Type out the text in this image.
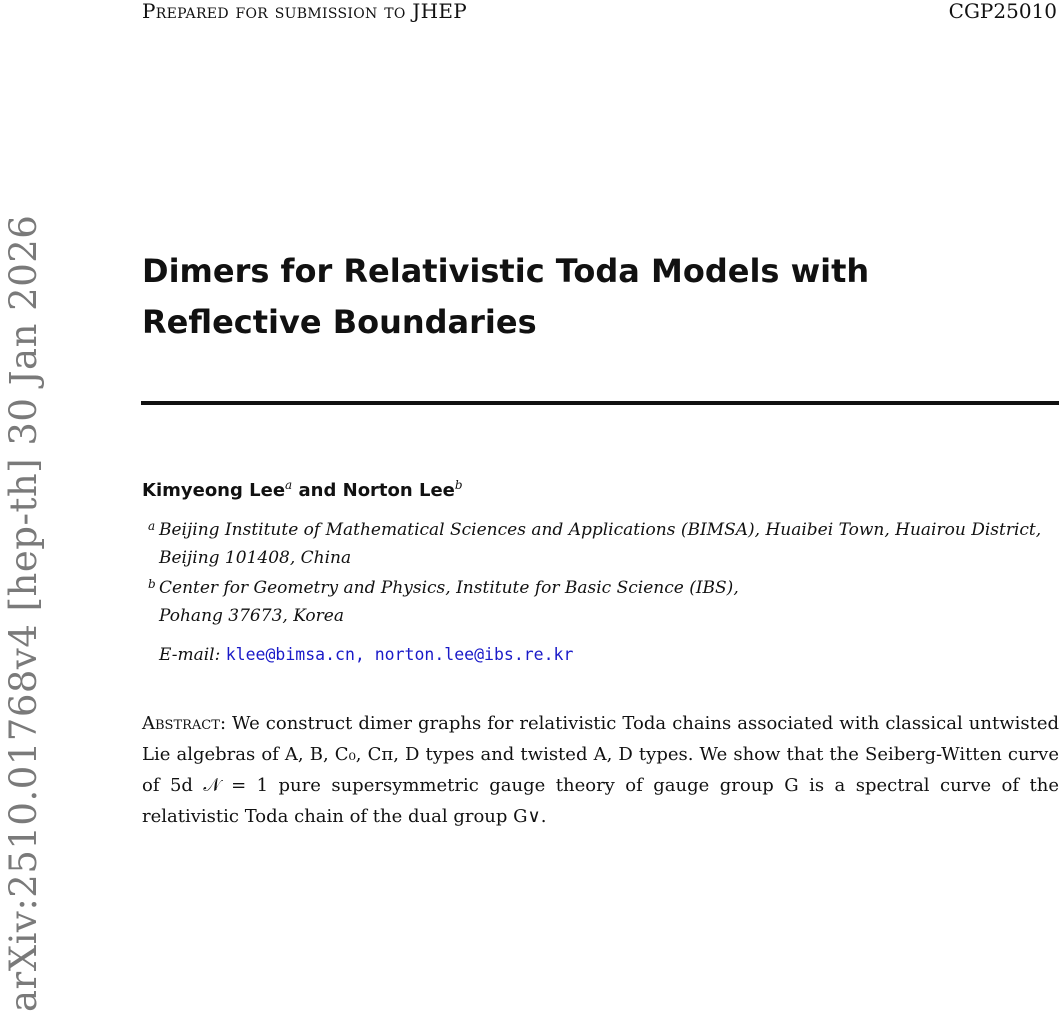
Prepared for submission to JHEP	CGP25010
arXiv:2510.01768v4 [hep-th] 30 Jan 2026	Dimers for Relativistic Toda Models with Reflective Boundaries
Kimyeong Lee$^a$ and Norton Lee$^b$
a Beijing Institute of Mathematical Sciences and Applications (BIMSA), Huaibei Town, Huairou District, Beijing 101408, China
b Center for Geometry and Physics, Institute for Basic Science (IBS),
Pohang 37673, Korea
E-mail: klee@bimsa.cn, norton.lee@ibs.re.kr

Abstract: We construct dimer graphs for relativistic Toda chains associated with classical untwisted Lie algebras of A, B, C₀, Cπ, D types and twisted A, D types. We show that the Seiberg-Witten curve of 5d 𝒩 = 1 pure supersymmetric gauge theory of gauge group G is a spectral curve of the relativistic Toda chain of the dual group G∨.
